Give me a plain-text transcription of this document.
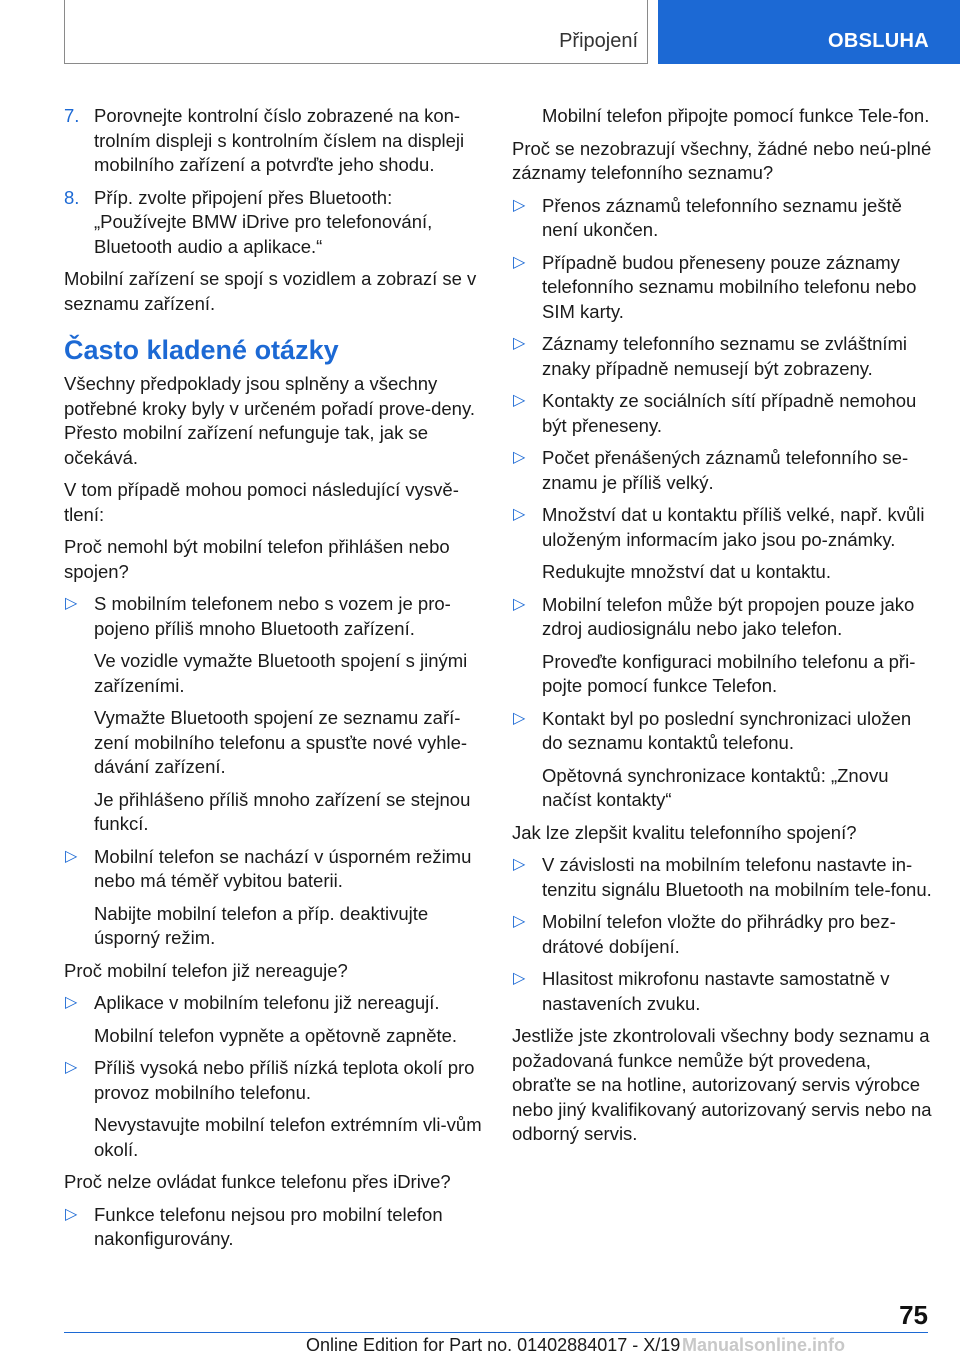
Připojení	OBSLUHA
7. Porovnejte kontrolní číslo zobrazené na kon‐trolním displeji s kontrolním číslem na displeji mobilního zařízení a potvrďte jeho shodu.
8. Příp. zvolte připojení přes Bluetooth: „Používejte BMW iDrive pro telefonování, Bluetooth audio a aplikace.“

Mobilní zařízení se spojí s vozidlem a zobrazí se v seznamu zařízení.

Často kladené otázky

Všechny předpoklady jsou splněny a všechny potřebné kroky byly v určeném pořadí prove‐deny. Přesto mobilní zařízení nefunguje tak, jak se očekává.

V tom případě mohou pomoci následující vysvě‐tlení:

Proč nemohl být mobilní telefon přihlášen nebo spojen?

▷ S mobilním telefonem nebo s vozem je pro‐pojeno příliš mnoho Bluetooth zařízení.
Ve vozidle vymažte Bluetooth spojení s jinými zařízeními.
Vymažte Bluetooth spojení ze seznamu zaří‐zení mobilního telefonu a spusťte nové vyhle‐dávání zařízení.
Je přihlášeno příliš mnoho zařízení se stejnou funkcí.
▷ Mobilní telefon se nachází v úsporném režimu nebo má téměř vybitou baterii.
Nabijte mobilní telefon a příp. deaktivujte úsporný režim.

Proč mobilní telefon již nereaguje?

▷ Aplikace v mobilním telefonu již nereagují.
Mobilní telefon vypněte a opětovně zapněte.
▷ Příliš vysoká nebo příliš nízká teplota okolí pro provoz mobilního telefonu.
Nevystavujte mobilní telefon extrémním vli‐vům okolí.

Proč nelze ovládat funkce telefonu přes iDrive?

▷ Funkce telefonu nejsou pro mobilní telefon nakonfigurovány.
Mobilní telefon připojte pomocí funkce Tele‐fon.

Proč se nezobrazují všechny, žádné nebo neú‐plné záznamy telefonního seznamu?

▷ Přenos záznamů telefonního seznamu ještě není ukončen.
▷ Případně budou přeneseny pouze záznamy telefonního seznamu mobilního telefonu nebo SIM karty.
▷ Záznamy telefonního seznamu se zvláštními znaky případně nemusejí být zobrazeny.
▷ Kontakty ze sociálních sítí případně nemohou být přeneseny.
▷ Počet přenášených záznamů telefonního se‐znamu je příliš velký.
▷ Množství dat u kontaktu příliš velké, např. kvůli uloženým informacím jako jsou po‐známky.
Redukujte množství dat u kontaktu.
▷ Mobilní telefon může být propojen pouze jako zdroj audiosignálu nebo jako telefon.
Proveďte konfiguraci mobilního telefonu a při‐pojte pomocí funkce Telefon.
▷ Kontakt byl po poslední synchronizaci uložen do seznamu kontaktů telefonu.
Opětovná synchronizace kontaktů: „Znovu načíst kontakty“

Jak lze zlepšit kvalitu telefonního spojení?

▷ V závislosti na mobilním telefonu nastavte in‐tenzitu signálu Bluetooth na mobilním tele‐fonu.
▷ Mobilní telefon vložte do přihrádky pro bez‐drátové dobíjení.
▷ Hlasitost mikrofonu nastavte samostatně v nastaveních zvuku.

Jestliže jste zkontrolovali všechny body seznamu a požadovaná funkce nemůže být provedena, obraťte se na hotline, autorizovaný servis výrobce nebo jiný kvalifikovaný autorizovaný servis nebo na odborný servis.

75
Online Edition for Part no. 01402884017 - X/19 Manualsonline.info
